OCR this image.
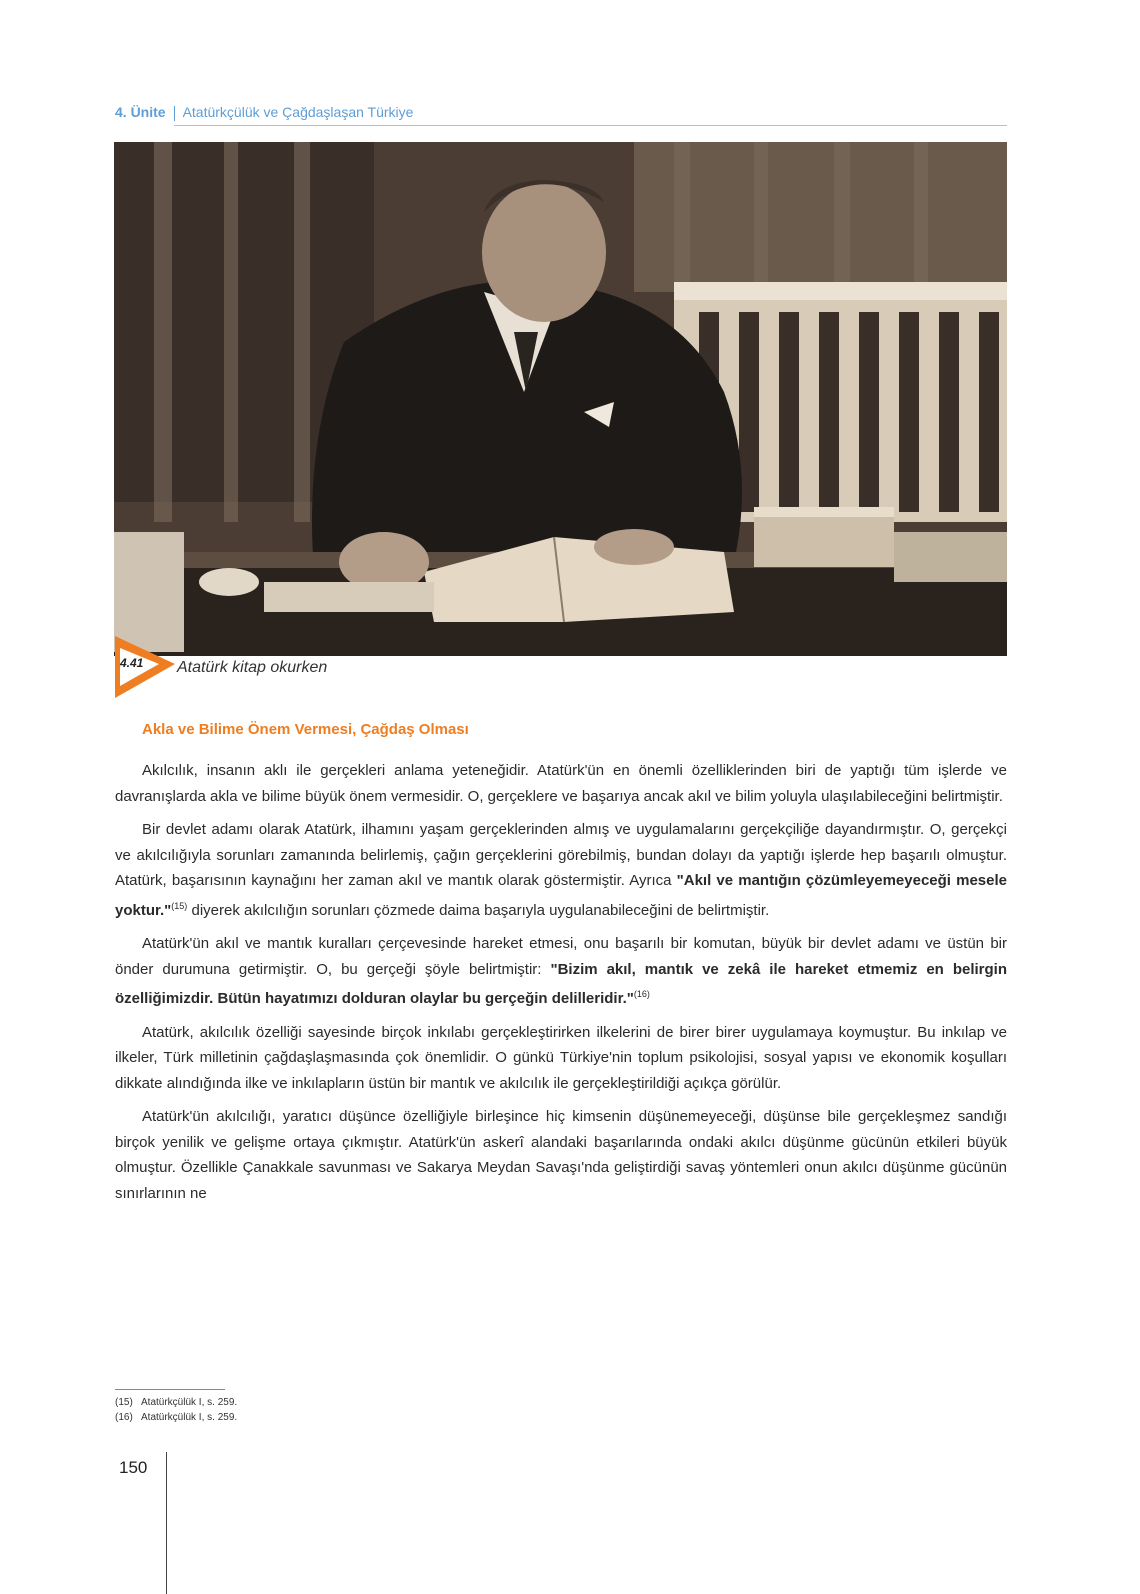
4. Ünite Atatürkçülük ve Çağdaşlaşan Türkiye
4.41 Atatürk kitap okurken
Akla ve Bilime Önem Vermesi, Çağdaş Olması

Akılcılık, insanın aklı ile gerçekleri anlama yeteneğidir. Atatürk'ün en önemli özelliklerinden biri de yaptığı tüm işlerde ve davranışlarda akla ve bilime büyük önem vermesidir. O, gerçeklere ve başarıya ancak akıl ve bilim yoluyla ulaşılabileceğini belirtmiştir.

Bir devlet adamı olarak Atatürk, ilhamını yaşam gerçeklerinden almış ve uygulamalarını gerçekçiliğe dayandırmıştır. O, gerçekçi ve akılcılığıyla sorunları zamanında belirlemiş, çağın gerçeklerini görebilmiş, bundan dolayı da yaptığı işlerde hep başarılı olmuştur. Atatürk, başarısının kaynağını her zaman akıl ve mantık olarak göstermiştir. Ayrıca "Akıl ve mantığın çözümleyemeyeceği mesele yoktur."$^{(15)}$ diyerek akılcılığın sorunları çözmede daima başarıyla uygulanabileceğini de belirtmiştir.

Atatürk'ün akıl ve mantık kuralları çerçevesinde hareket etmesi, onu başarılı bir komutan, büyük bir devlet adamı ve üstün bir önder durumuna getirmiştir. O, bu gerçeği şöyle belirtmiştir: "Bizim akıl, mantık ve zekâ ile hareket etmemiz en belirgin özelliğimizdir. Bütün hayatımızı dolduran olaylar bu gerçeğin delilleridir."$^{(16)}$

Atatürk, akılcılık özelliği sayesinde birçok inkılabı gerçekleştirirken ilkelerini de birer birer uygulamaya koymuştur. Bu inkılap ve ilkeler, Türk milletinin çağdaşlaşmasında çok önemlidir. O günkü Türkiye'nin toplum psikolojisi, sosyal yapısı ve ekonomik koşulları dikkate alındığında ilke ve inkılapların üstün bir mantık ve akılcılık ile gerçekleştirildiği açıkça görülür.

Atatürk'ün akılcılığı, yaratıcı düşünce özelliğiyle birleşince hiç kimsenin düşünemeyeceği, düşünse bile gerçekleşmez sandığı birçok yenilik ve gelişme ortaya çıkmıştır. Atatürk'ün askerî alandaki başarılarında ondaki akılcı düşünme gücünün etkileri büyük olmuştur. Özellikle Çanakkale savunması ve Sakarya Meydan Savaşı'nda geliştirdiği savaş yöntemleri onun akılcı düşünme gücünün sınırlarının ne

(15) Atatürkçülük I, s. 259.
(16) Atatürkçülük I, s. 259.
150
